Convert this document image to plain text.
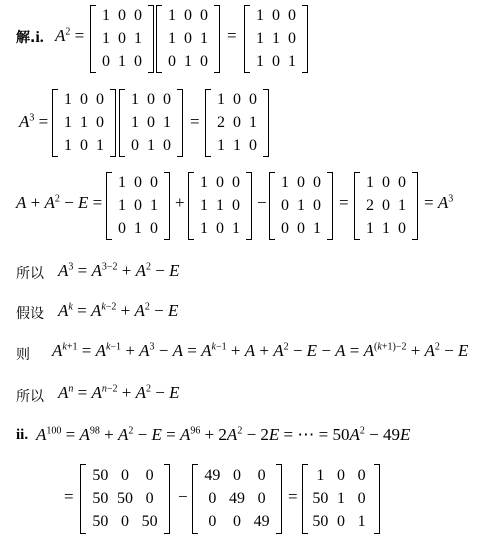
解.i. $A^2$ =
1 0 0
1 0 1
0 1 0
1 0 0
1 0 1
0 1 0
=
1 0 0
1 1 0
1 0 1
$A^3$ =
1 0 0
1 1 0
1 0 1
1 0 0
1 0 1
0 1 0
=
1 0 0
2 0 1
1 1 0
$A + A^2 - E$ =
1 0 0
1 0 1
0 1 0
+
1 0 0
1 1 0
1 0 1
−
1 0 0
0 1 0
0 0 1
=
1 0 0
2 0 1
1 1 0
= $A^3$
所以 $A^3 = A^{3-2} + A^2 - E$
假设 $A^k = A^{k-2} + A^2 - E$
则 $A^{k+1} = A^{k-1} + A^3 - A = A^{k-1} + A + A^2 - E - A = A^{(k+1)-2} + A^2 - E$
所以 $A^n = A^{n-2} + A^2 - E$
ii. $A^{100} = A^{98} + A^2 - E = A^{96} + 2A^2 - 2E$ = ⋯ = $50A^2 - 49E$
=
50 0	0
50 50 0
50 0 50
−
49 0	0
0 49 0
0	0 49
=
1 0 0
50 1 0
50 0 1
